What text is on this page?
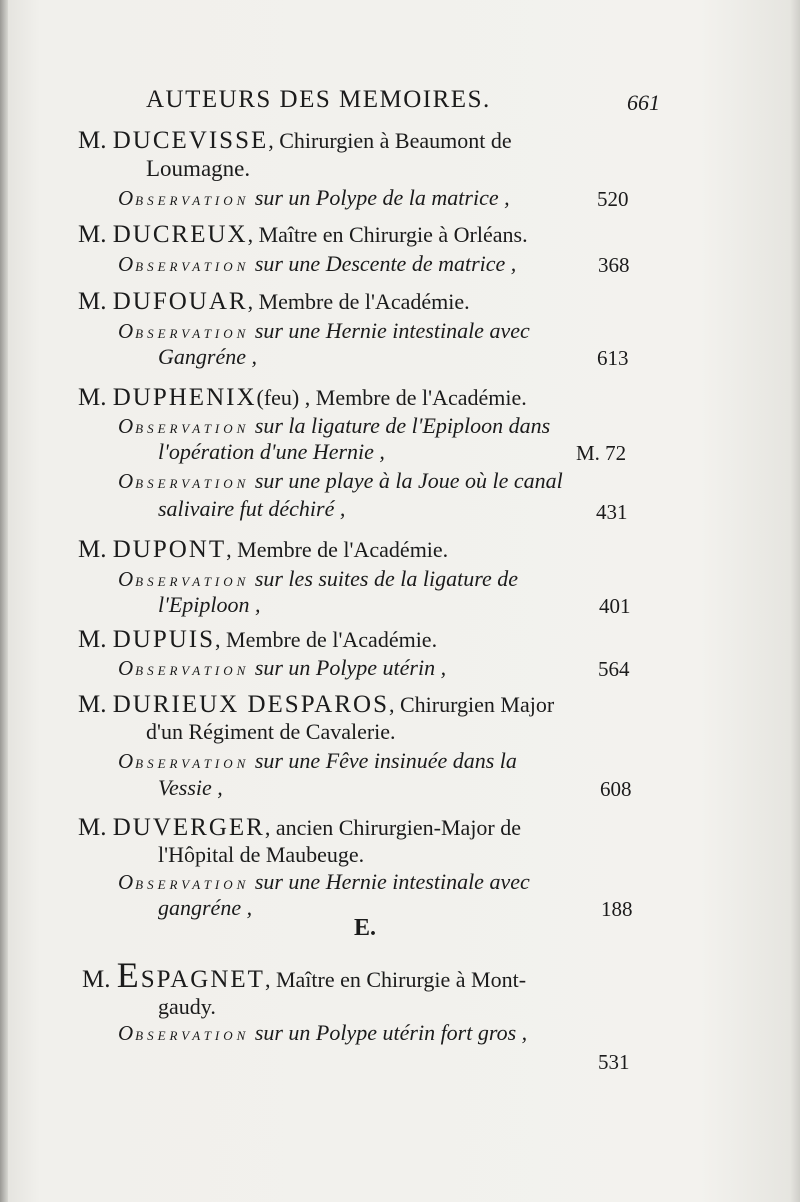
AUTEURS DES MEMOIRES.	661
M. DUCEVISSE, Chirurgien à Beaumont de
Loumagne.
OBSERVATION sur un Polype de la matrice ,	520
M. DUCREUX, Maître en Chirurgie à Orléans.
OBSERVATION sur une Descente de matrice ,	368
M. DUFOUAR, Membre de l'Académie.
OBSERVATION sur une Hernie intestinale avec
Gangréne ,	613
M. DUPHENIX(feu) , Membre de l'Académie.
OBSERVATION sur la ligature de l'Epiploon dans
l'opération d'une Hernie ,	M. 72
OBSERVATION sur une playe à la Joue où le canal
salivaire fut déchiré ,	431
M. DUPONT, Membre de l'Académie.
OBSERVATION sur les suites de la ligature de
l'Epiploon ,	401
M. DUPUIS, Membre de l'Académie.
OBSERVATION sur un Polype utérin ,	564
M. DURIEUX DESPAROS, Chirurgien Major
d'un Régiment de Cavalerie.
OBSERVATION sur une Fêve insinuée dans la
Vessie ,	608
M. DUVERGER, ancien Chirurgien-Major de
l'Hôpital de Maubeuge.
OBSERVATION sur une Hernie intestinale avec
gangréne ,	188
E.
M. ESPAGNET, Maître en Chirurgie à Mont-
gaudy.
OBSERVATION sur un Polype utérin fort gros ,
531
